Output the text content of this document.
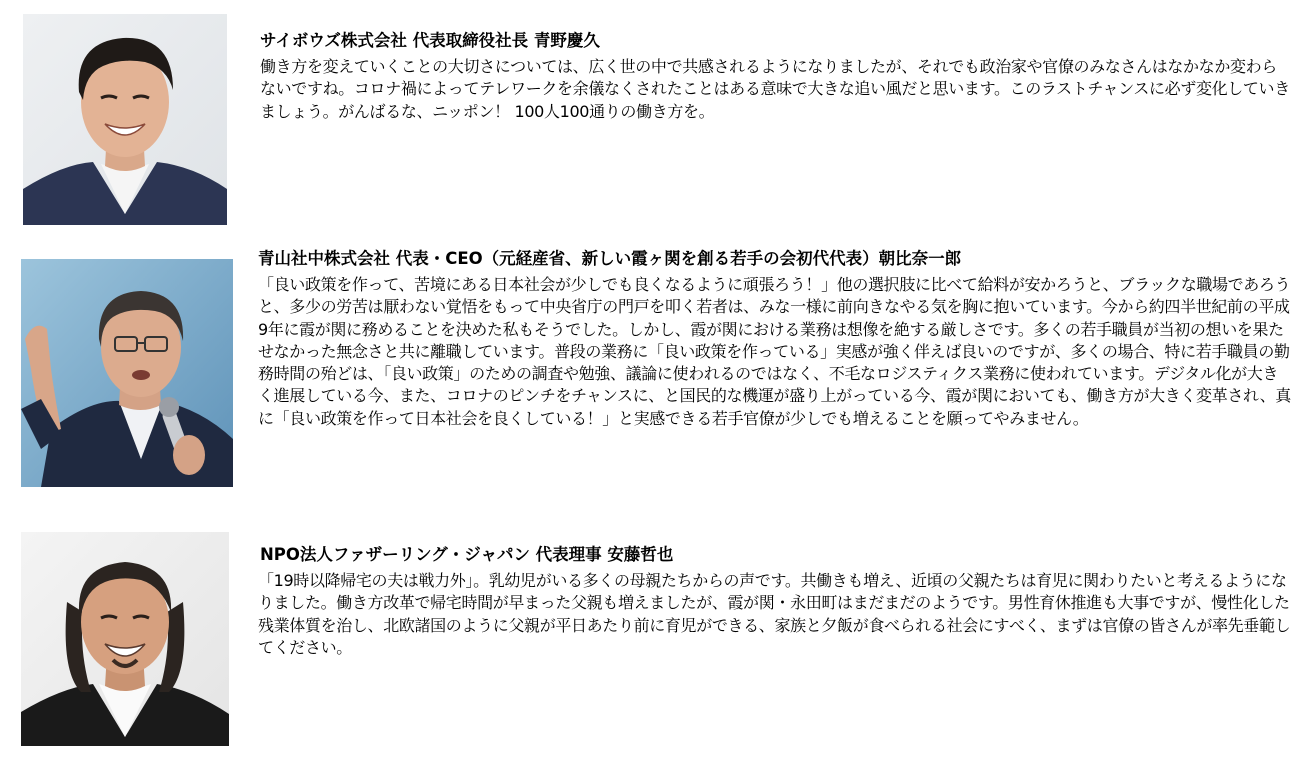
サイボウズ株式会社 代表取締役社長 青野慶久

働き方を変えていくことの大切さについては、広く世の中で共感されるようになりましたが、それでも政治家や官僚のみなさんはなかなか変わらないですね。コロナ禍によってテレワークを余儀なくされたことはある意味で大きな追い風だと思います。このラストチャンスに必ず変化していきましょう。がんばるな、ニッポン！ 100人100通りの働き方を。

青山社中株式会社 代表・CEO（元経産省、新しい霞ヶ関を創る若手の会初代代表）朝比奈一郎

「良い政策を作って、苦境にある日本社会が少しでも良くなるように頑張ろう！」他の選択肢に比べて給料が安かろうと、ブラックな職場であろうと、多少の労苦は厭わない覚悟をもって中央省庁の門戸を叩く若者は、みな一様に前向きなやる気を胸に抱いています。今から約四半世紀前の平成9年に霞が関に務めることを決めた私もそうでした。しかし、霞が関における業務は想像を絶する厳しさです。多くの若手職員が当初の想いを果たせなかった無念さと共に離職しています。普段の業務に「良い政策を作っている」実感が強く伴えば良いのですが、多くの場合、特に若手職員の勤務時間の殆どは、「良い政策」のための調査や勉強、議論に使われるのではなく、不毛なロジスティクス業務に使われています。デジタル化が大きく進展している今、また、コロナのピンチをチャンスに、と国民的な機運が盛り上がっている今、霞が関においても、働き方が大きく変革され、真に「良い政策を作って日本社会を良くしている！」と実感できる若手官僚が少しでも増えることを願ってやみません。

NPO法人ファザーリング・ジャパン 代表理事 安藤哲也

「19時以降帰宅の夫は戦力外」。乳幼児がいる多くの母親たちからの声です。共働きも増え、近頃の父親たちは育児に関わりたいと考えるようになりました。働き方改革で帰宅時間が早まった父親も増えましたが、霞が関・永田町はまだまだのようです。男性育休推進も大事ですが、慢性化した残業体質を治し、北欧諸国のように父親が平日あたり前に育児ができる、家族と夕飯が食べられる社会にすべく、まずは官僚の皆さんが率先垂範してください。
